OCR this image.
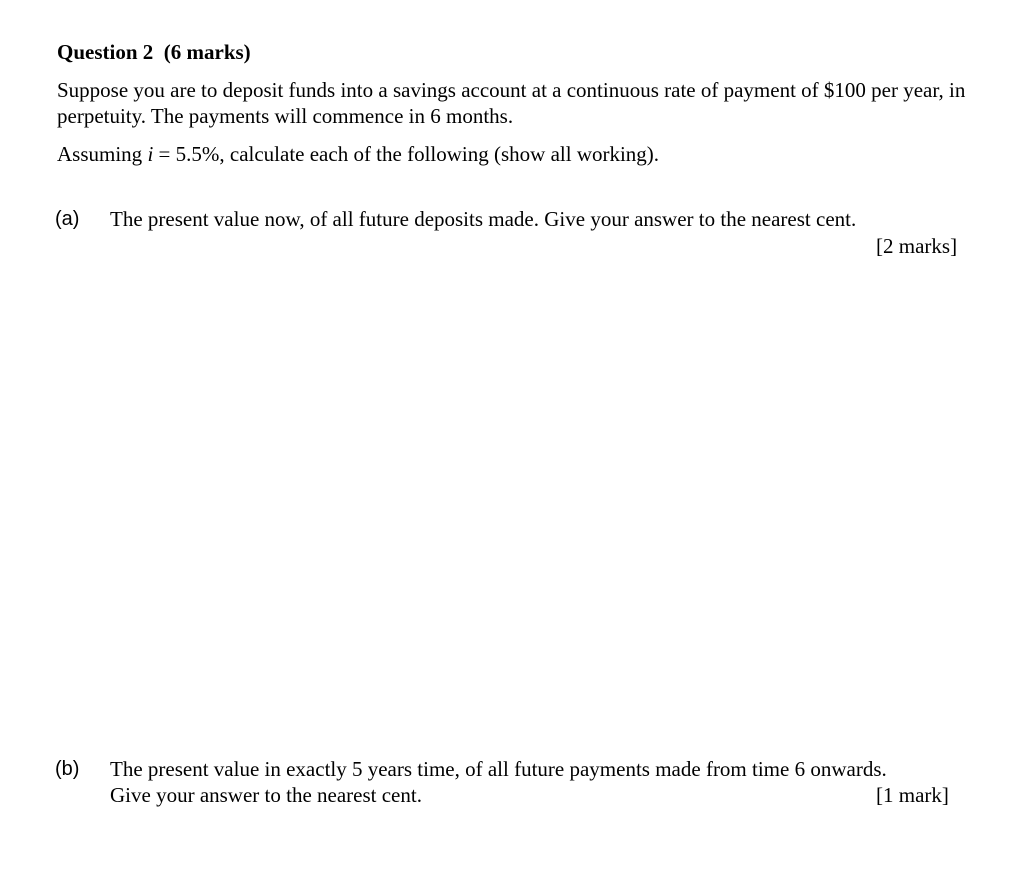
Question 2  (6 marks)
Suppose you are to deposit funds into a savings account at a continuous rate of payment of $100 per year, in perpetuity. The payments will commence in 6 months.
Assuming i = 5.5%, calculate each of the following (show all working).
(a) The present value now, of all future deposits made. Give your answer to the nearest cent.
[2 marks]
(b) The present value in exactly 5 years time, of all future payments made from time 6 onwards.
Give your answer to the nearest cent.	[1 mark]
